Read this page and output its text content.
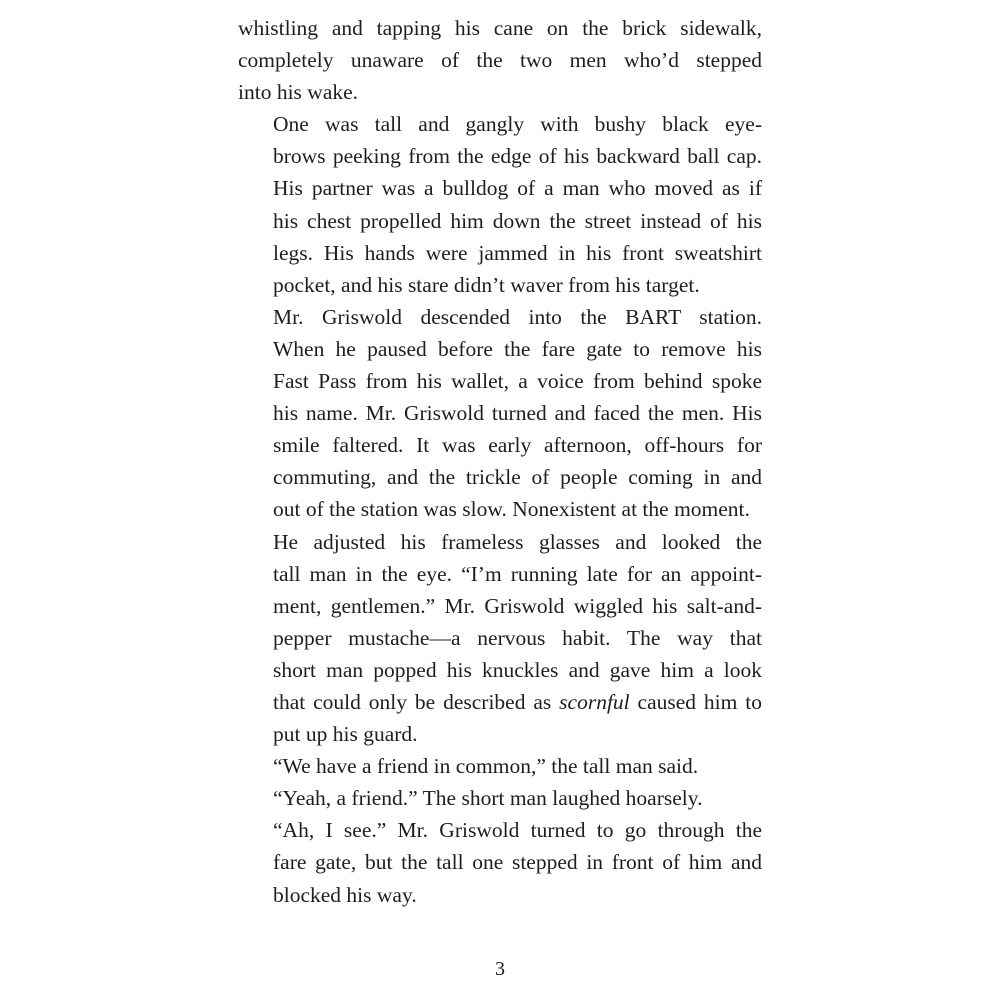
whistling and tapping his cane on the brick sidewalk,
completely unaware of the two men who’d stepped
into his wake.

One was tall and gangly with bushy black eye-
brows peeking from the edge of his backward ball cap.
His partner was a bulldog of a man who moved as if
his chest propelled him down the street instead of his
legs. His hands were jammed in his front sweatshirt
pocket, and his stare didn’t waver from his target.

Mr. Griswold descended into the BART station.
When he paused before the fare gate to remove his
Fast Pass from his wallet, a voice from behind spoke
his name. Mr. Griswold turned and faced the men. His
smile faltered. It was early afternoon, off-hours for
commuting, and the trickle of people coming in and
out of the station was slow. Nonexistent at the moment.

He adjusted his frameless glasses and looked the
tall man in the eye. “I’m running late for an appoint-
ment, gentlemen.” Mr. Griswold wiggled his salt-and-
pepper mustache—a nervous habit. The way that
short man popped his knuckles and gave him a look
that could only be described as scornful caused him to
put up his guard.

“We have a friend in common,” the tall man said.

“Yeah, a friend.” The short man laughed hoarsely.

“Ah, I see.” Mr. Griswold turned to go through the
fare gate, but the tall one stepped in front of him and
blocked his way.

3
